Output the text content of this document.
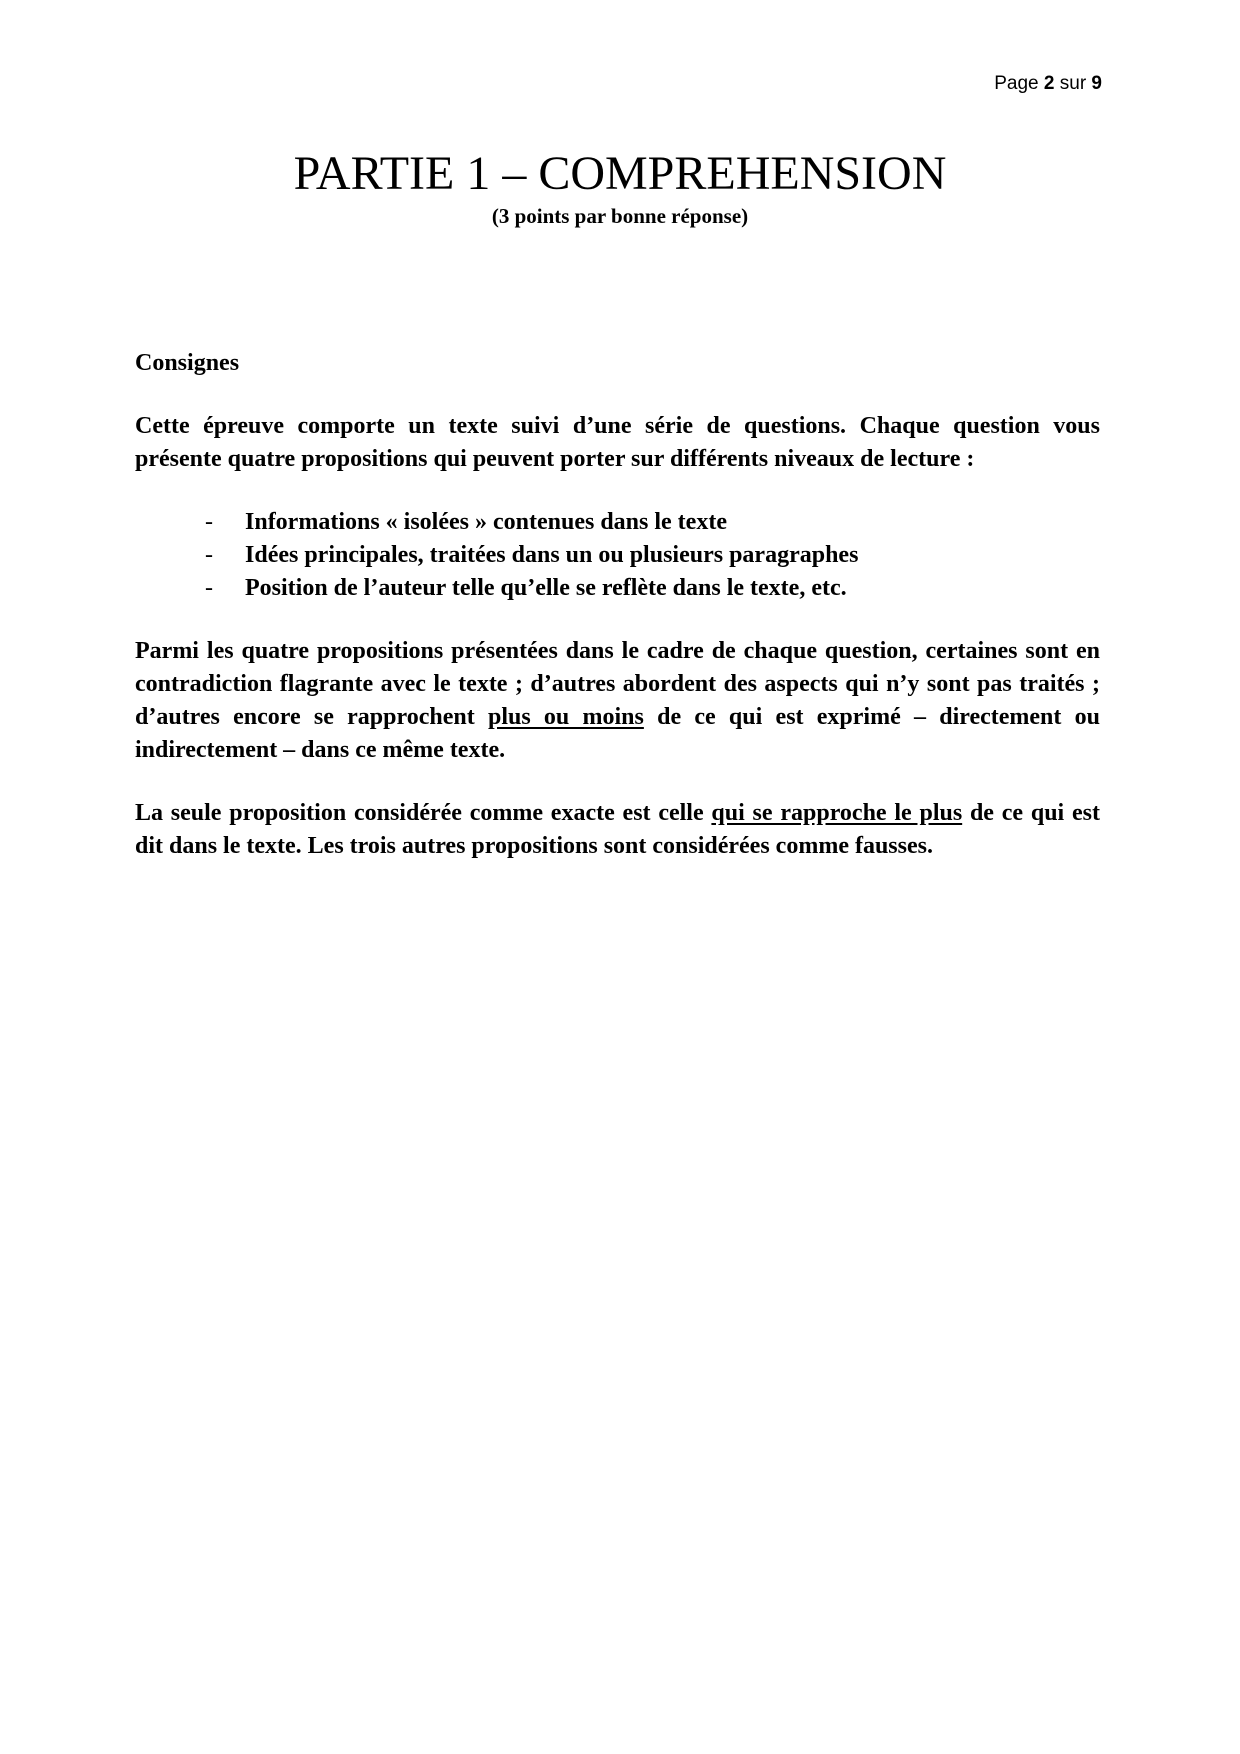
Page 2 sur 9
PARTIE 1 – COMPREHENSION
(3 points par bonne réponse)

Consignes

Cette épreuve comporte un texte suivi d’une série de questions. Chaque question vous présente quatre propositions qui peuvent porter sur différents niveaux de lecture :

- Informations « isolées » contenues dans le texte
- Idées principales, traitées dans un ou plusieurs paragraphes
- Position de l’auteur telle qu’elle se reflète dans le texte, etc.

Parmi les quatre propositions présentées dans le cadre de chaque question, certaines sont en contradiction flagrante avec le texte ; d’autres abordent des aspects qui n’y sont pas traités ; d’autres encore se rapprochent plus ou moins de ce qui est exprimé – directement ou indirectement – dans ce même texte.

La seule proposition considérée comme exacte est celle qui se rapproche le plus de ce qui est dit dans le texte. Les trois autres propositions sont considérées comme fausses.
